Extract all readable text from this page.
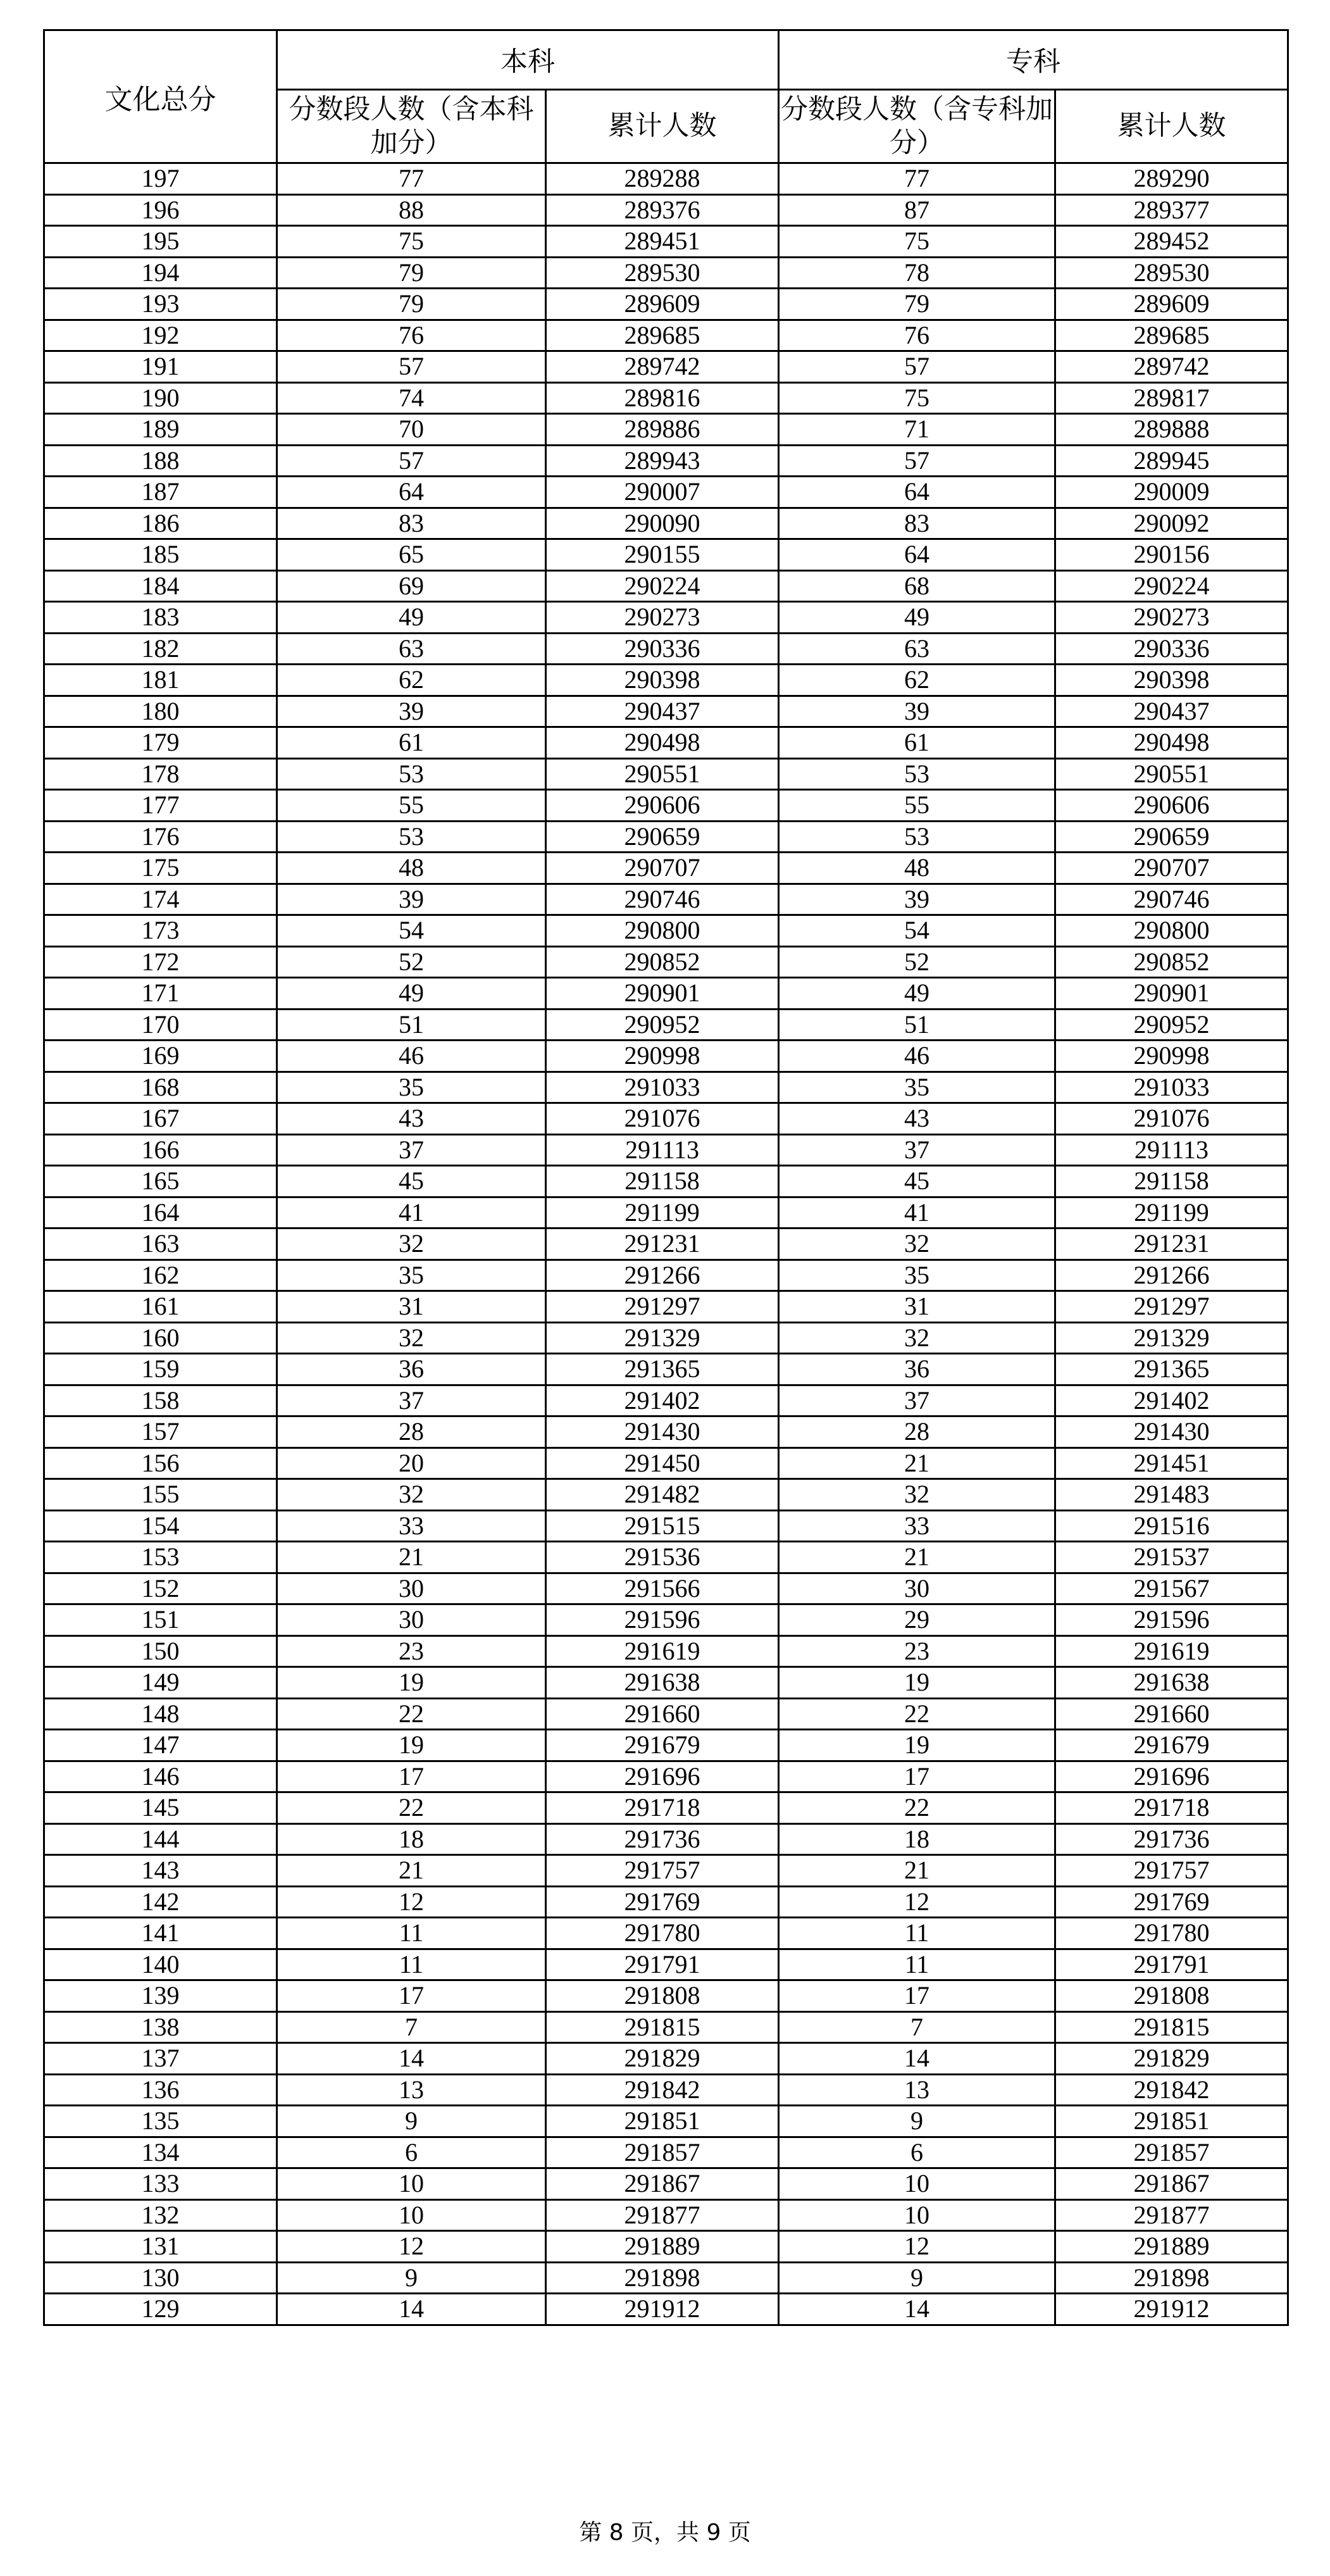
文化总分	本科		专科	
	分数段人数（含本科加分）	累计人数	分数段人数（含专科加分）	累计人数
197	77	289288	77	289290
196	88	289376	87	289377
195	75	289451	75	289452
194	79	289530	78	289530
193	79	289609	79	289609
192	76	289685	76	289685
191	57	289742	57	289742
190	74	289816	75	289817
189	70	289886	71	289888
188	57	289943	57	289945
187	64	290007	64	290009
186	83	290090	83	290092
185	65	290155	64	290156
184	69	290224	68	290224
183	49	290273	49	290273
182	63	290336	63	290336
181	62	290398	62	290398
180	39	290437	39	290437
179	61	290498	61	290498
178	53	290551	53	290551
177	55	290606	55	290606
176	53	290659	53	290659
175	48	290707	48	290707
174	39	290746	39	290746
173	54	290800	54	290800
172	52	290852	52	290852
171	49	290901	49	290901
170	51	290952	51	290952
169	46	290998	46	290998
168	35	291033	35	291033
167	43	291076	43	291076
166	37	291113	37	291113
165	45	291158	45	291158
164	41	291199	41	291199
163	32	291231	32	291231
162	35	291266	35	291266
161	31	291297	31	291297
160	32	291329	32	291329
159	36	291365	36	291365
158	37	291402	37	291402
157	28	291430	28	291430
156	20	291450	21	291451
155	32	291482	32	291483
154	33	291515	33	291516
153	21	291536	21	291537
152	30	291566	30	291567
151	30	291596	29	291596
150	23	291619	23	291619
149	19	291638	19	291638
148	22	291660	22	291660
147	19	291679	19	291679
146	17	291696	17	291696
145	22	291718	22	291718
144	18	291736	18	291736
143	21	291757	21	291757
142	12	291769	12	291769
141	11	291780	11	291780
140	11	291791	11	291791
139	17	291808	17	291808
138	7	291815	7	291815
137	14	291829	14	291829
136	13	291842	13	291842
135	9	291851	9	291851
134	6	291857	6	291857
133	10	291867	10	291867
132	10	291877	10	291877
131	12	291889	12	291889
130	9	291898	9	291898
129	14	291912	14	291912
第 8 页，共 9 页
